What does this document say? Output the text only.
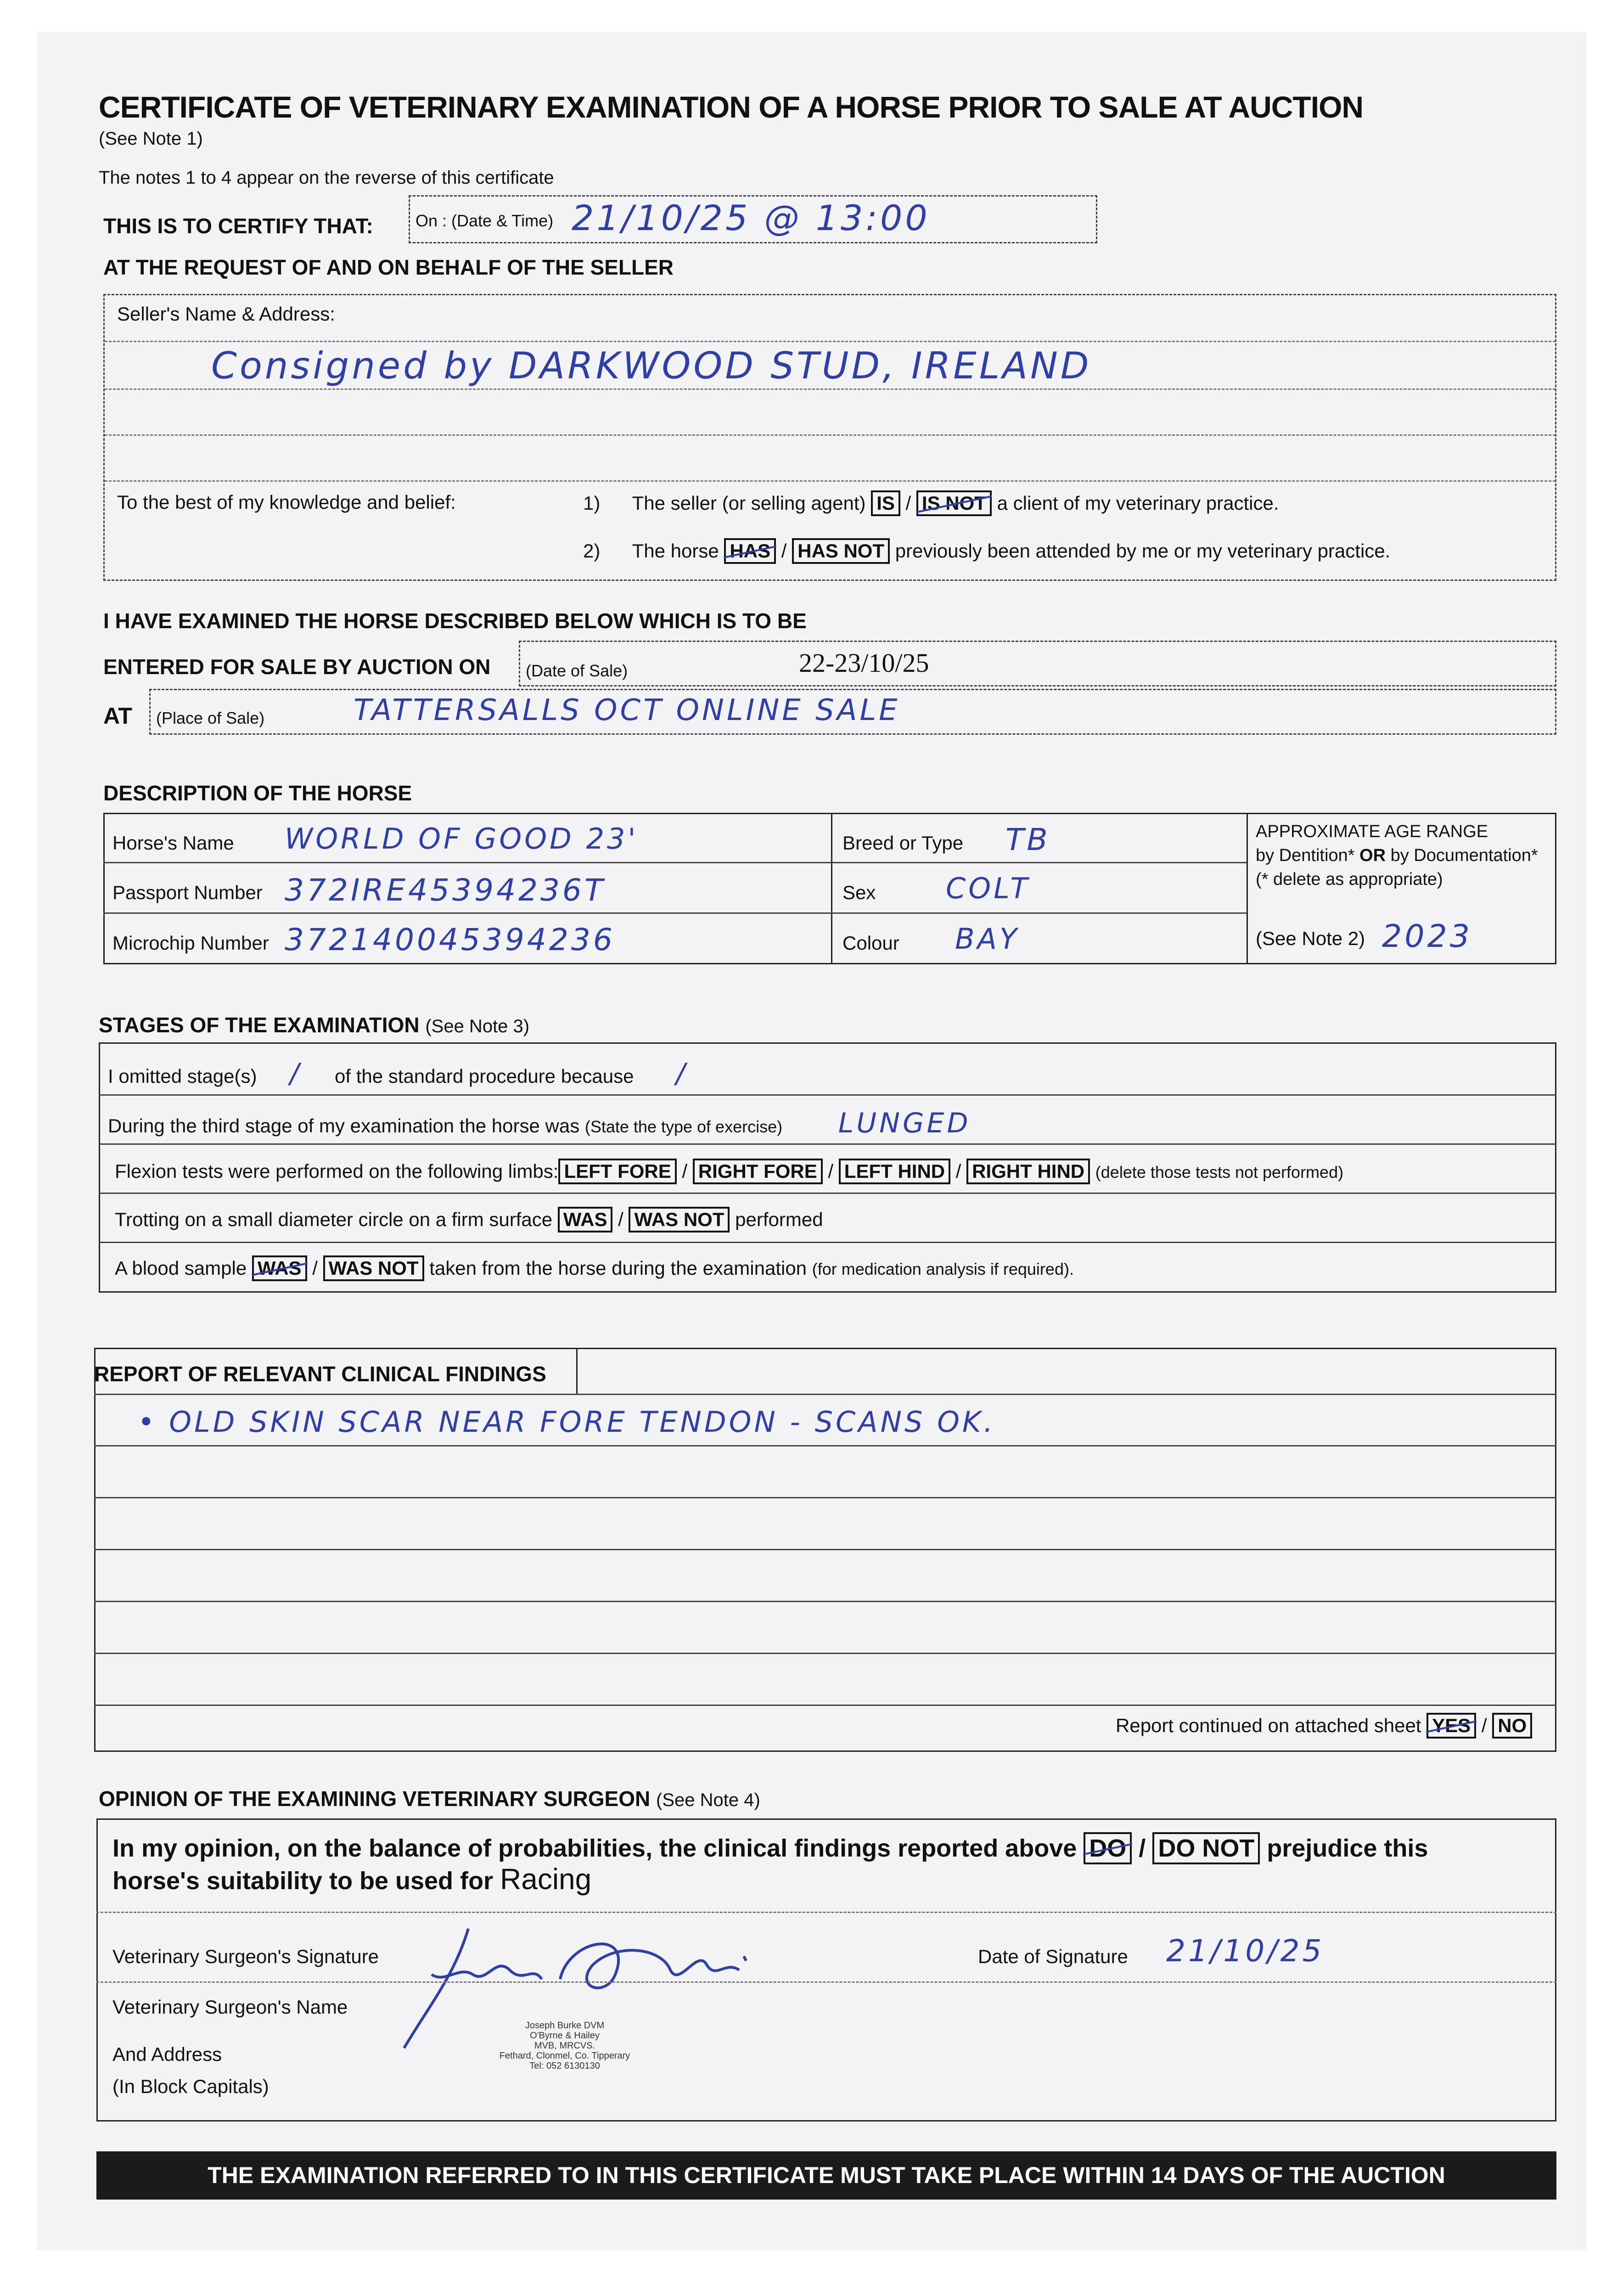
CERTIFICATE OF VETERINARY EXAMINATION OF A HORSE PRIOR TO SALE AT AUCTION
(See Note 1)
The notes 1 to 4 appear on the reverse of this certificate
THIS IS TO CERTIFY THAT:	On : (Date & Time) 21/10/25 @ 13:00
AT THE REQUEST OF AND ON BEHALF OF THE SELLER
Seller's Name & Address:
Consigned by DARKWOOD STUD, IRELAND
To the best of my knowledge and belief:	1) The seller (or selling agent) IS / IS NOT a client of my veterinary practice.
2) The horse HAS / HAS NOT previously been attended by me or my veterinary practice.
I HAVE EXAMINED THE HORSE DESCRIBED BELOW WHICH IS TO BE
ENTERED FOR SALE BY AUCTION ON (Date of Sale)	22-23/10/25
AT (Place of Sale)	TATTERSALLS OCT ONLINE SALE
DESCRIPTION OF THE HORSE
Horse's Name WORLD OF GOOD 23'
Passport Number 372IRE45394236T
Microchip Number 372140045394236
Breed or Type TB
Sex COLT
Colour BAY
APPROXIMATE AGE RANGE
by Dentition* OR by Documentation*
(* delete as appropriate)
(See Note 2) 2023
STAGES OF THE EXAMINATION (See Note 3)
I omitted stage(s) / of the standard procedure because /
During the third stage of my examination the horse was (State the type of exercise) LUNGED
Flexion tests were performed on the following limbs: LEFT FORE / RIGHT FORE / LEFT HIND / RIGHT HIND (delete those tests not performed)
Trotting on a small diameter circle on a firm surface WAS / WAS NOT performed
A blood sample WAS / WAS NOT taken from the horse during the examination (for medication analysis if required).
REPORT OF RELEVANT CLINICAL FINDINGS
• OLD SKIN SCAR NEAR FORE TENDON - SCANS OK.
Report continued on attached sheet YES / NO
OPINION OF THE EXAMINING VETERINARY SURGEON (See Note 4)
In my opinion, on the balance of probabilities, the clinical findings reported above DO / DO NOT prejudice this
horse's suitability to be used for Racing
Veterinary Surgeon's Signature	Date of Signature 21/10/25
Veterinary Surgeon's Name
And Address
(In Block Capitals)
Joseph Burke DVM
O'Byrne & Hailey
MVB, MRCVS.
Fethard, Clonmel, Co. Tipperary
Tel: 052 6130130
THE EXAMINATION REFERRED TO IN THIS CERTIFICATE MUST TAKE PLACE WITHIN 14 DAYS OF THE AUCTION
